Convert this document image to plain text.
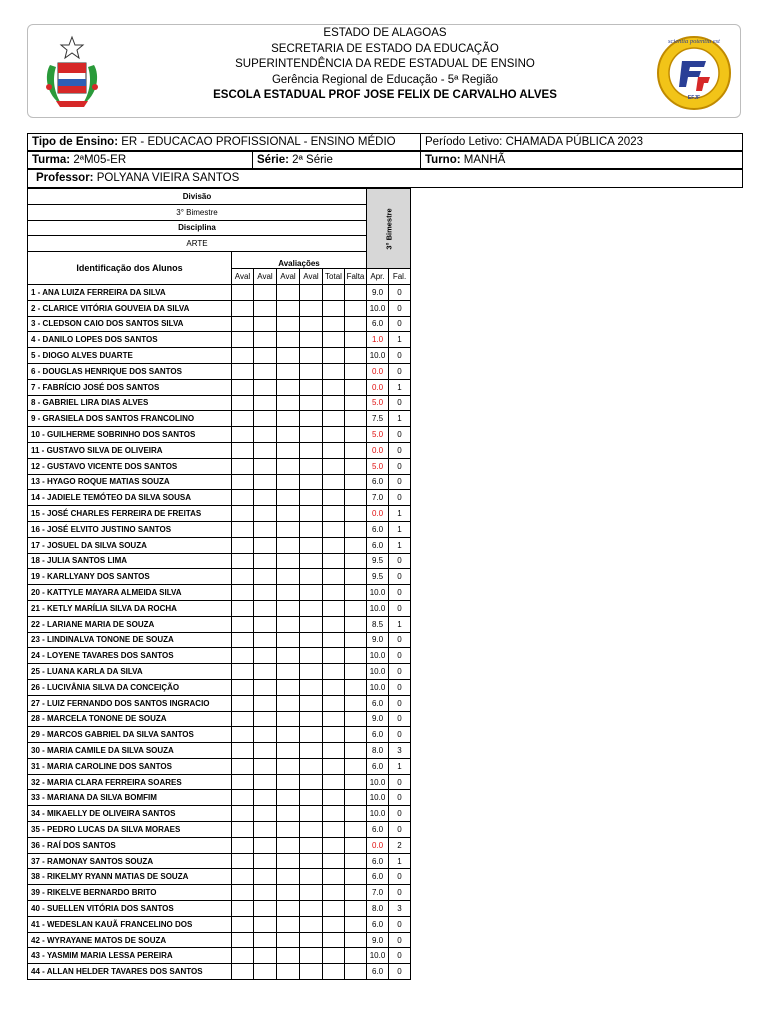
ESTADO DE ALAGOAS
SECRETARIA DE ESTADO DA EDUCAÇÃO
SUPERINTENDÊNCIA DA REDE ESTADUAL DE ENSINO
Gerência Regional de Educação - 5ª Região
ESCOLA ESTADUAL PROF JOSE FELIX DE CARVALHO ALVES	EFJF
scientia potentia est
Tipo de Ensino: ER - EDUCACAO PROFISSIONAL - ENSINO MÉDIO	Período Letivo: CHAMADA PÚBLICA 2023
Turma: 2ªM05-ER	Série: 2ª Série	Turno: MANHÃ
Professor: POLYANA VIEIRA SANTOS
Divisão							3° Bimestre	

3° Bimestre								
Disciplina								
ARTE								
Identificação dos Alunos	Avaliações							
	Aval	Aval	Aval	Aval	Total	Falta	Apr.	Fal.
1 - ANA LUIZA FERREIRA DA SILVA							9.0	0
2 - CLARICE VITÓRIA GOUVEIA DA SILVA							10.0	0
3 - CLEDSON CAIO DOS SANTOS SILVA							6.0	0
4 - DANILO LOPES DOS SANTOS							1.0	1
5 - DIOGO ALVES DUARTE							10.0	0
6 - DOUGLAS HENRIQUE DOS SANTOS							0.0	0
7 - FABRÍCIO JOSÉ DOS SANTOS							0.0	1
8 - GABRIEL LIRA DIAS ALVES							5.0	0
9 - GRASIELA DOS SANTOS FRANCOLINO							7.5	1
10 - GUILHERME SOBRINHO DOS SANTOS							5.0	0
11 - GUSTAVO SILVA DE OLIVEIRA							0.0	0
12 - GUSTAVO VICENTE DOS SANTOS							5.0	0
13 - HYAGO ROQUE MATIAS SOUZA							6.0	0
14 - JADIELE TEMÓTEO DA SILVA SOUSA							7.0	0
15 - JOSÉ CHARLES FERREIRA DE FREITAS							0.0	1
16 - JOSÉ ELVITO JUSTINO SANTOS							6.0	1
17 - JOSUEL DA SILVA SOUZA							6.0	1
18 - JULIA SANTOS LIMA							9.5	0
19 - KARLLYANY DOS SANTOS							9.5	0
20 - KATTYLE MAYARA ALMEIDA SILVA							10.0	0
21 - KETLY MARÍLIA SILVA DA ROCHA							10.0	0
22 - LARIANE MARIA DE SOUZA							8.5	1
23 - LINDINALVA TONONE DE SOUZA							9.0	0
24 - LOYENE TAVARES DOS SANTOS							10.0	0
25 - LUANA KARLA DA SILVA							10.0	0
26 - LUCIVÂNIA SILVA DA CONCEIÇÃO							10.0	0
27 - LUIZ FERNANDO DOS SANTOS INGRACIO							6.0	0
28 - MARCELA TONONE DE SOUZA							9.0	0
29 - MARCOS GABRIEL DA SILVA SANTOS							6.0	0
30 - MARIA CAMILE DA SILVA SOUZA							8.0	3
31 - MARIA CAROLINE DOS SANTOS							6.0	1
32 - MARIA CLARA FERREIRA SOARES							10.0	0
33 - MARIANA DA SILVA BOMFIM							10.0	0
34 - MIKAELLY DE OLIVEIRA SANTOS							10.0	0
35 - PEDRO LUCAS DA SILVA MORAES							6.0	0
36 - RAÍ DOS SANTOS							0.0	2
37 - RAMONAY SANTOS SOUZA							6.0	1
38 - RIKELMY RYANN MATIAS DE SOUZA							6.0	0
39 - RIKELVE BERNARDO BRITO							7.0	0
40 - SUELLEN VITÓRIA DOS SANTOS							8.0	3
41 - WEDESLAN KAUÃ FRANCELINO DOS							6.0	0
42 - WYRAYANE MATOS DE SOUZA							9.0	0
43 - YASMIM MARIA LESSA PEREIRA							10.0	0
44 - ALLAN HELDER TAVARES DOS SANTOS							6.0	0
